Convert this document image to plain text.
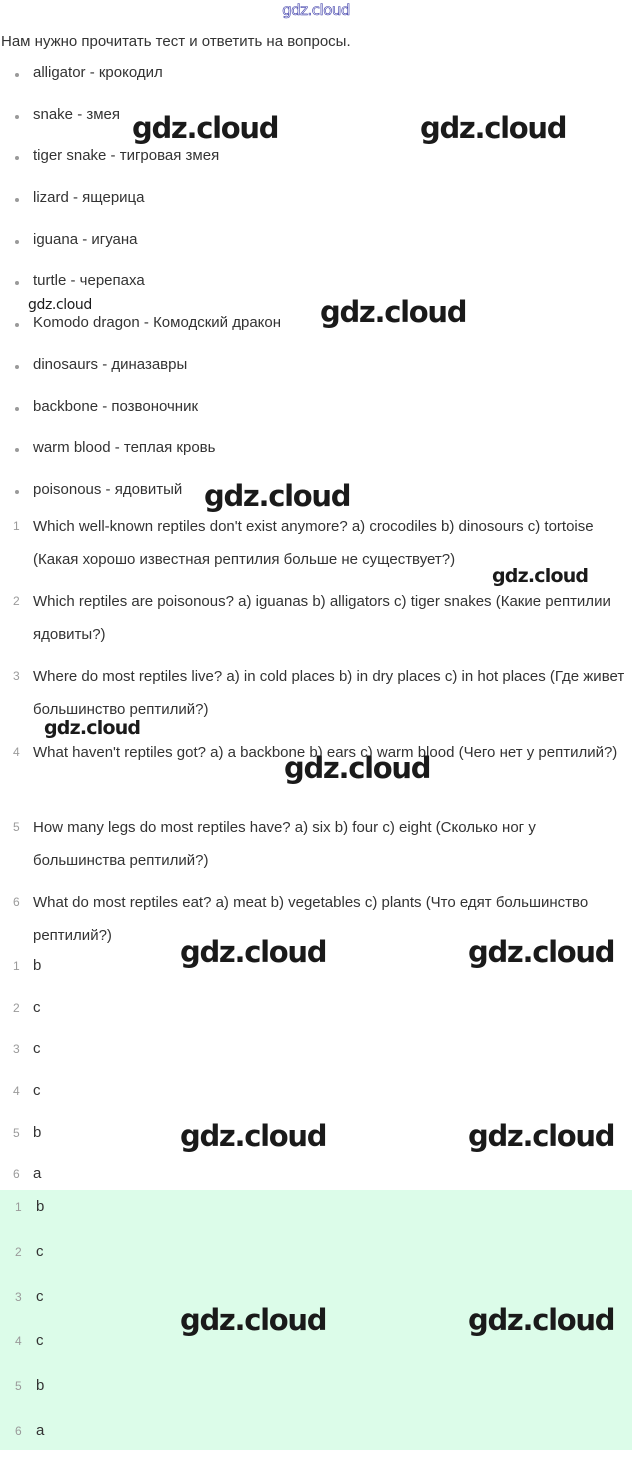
gdz.cloud
Нам нужно прочитать тест и ответить на вопросы.
alligator - крокодил
snake - змея
tiger snake - тигровая змея
lizard - ящерица
iguana - игуана
turtle - черепаха
Komodo dragon - Комодский дракон
dinosaurs - диназавры
backbone - позвоночник
warm blood - теплая кровь
poisonous - ядовитый
1 Which well-known reptiles don't exist anymore? a) crocodiles b) dinosours c) tortoise (Какая хорошо известная рептилия больше не существует?)
2 Which reptiles are poisonous? a) iguanas b) alligators c) tiger snakes (Какие рептилии ядовиты?)
3 Where do most reptiles live? a) in cold places b) in dry places c) in hot places (Где живет большинство рептилий?)
4 What haven't reptiles got? a) a backbone b) ears c) warm blood (Чего нет у рептилий?)
5 How many legs do most reptiles have? a) six b) four c) eight (Сколько ног у большинства рептилий?)
6 What do most reptiles eat? a) meat b) vegetables c) plants (Что едят большинство рептилий?)
1 b
2 c
3 c
4 c
5 b
6 a
1 b
2 c
3 c
4 c
5 b
6 a
gdz.cloud	gdz.cloud
gdz.cloud	gdz.cloud
gdz.cloud
gdz.cloud
gdz.cloud
gdz.cloud
gdz.cloud	gdz.cloud
gdz.cloud	gdz.cloud
gdz.cloud	gdz.cloud
